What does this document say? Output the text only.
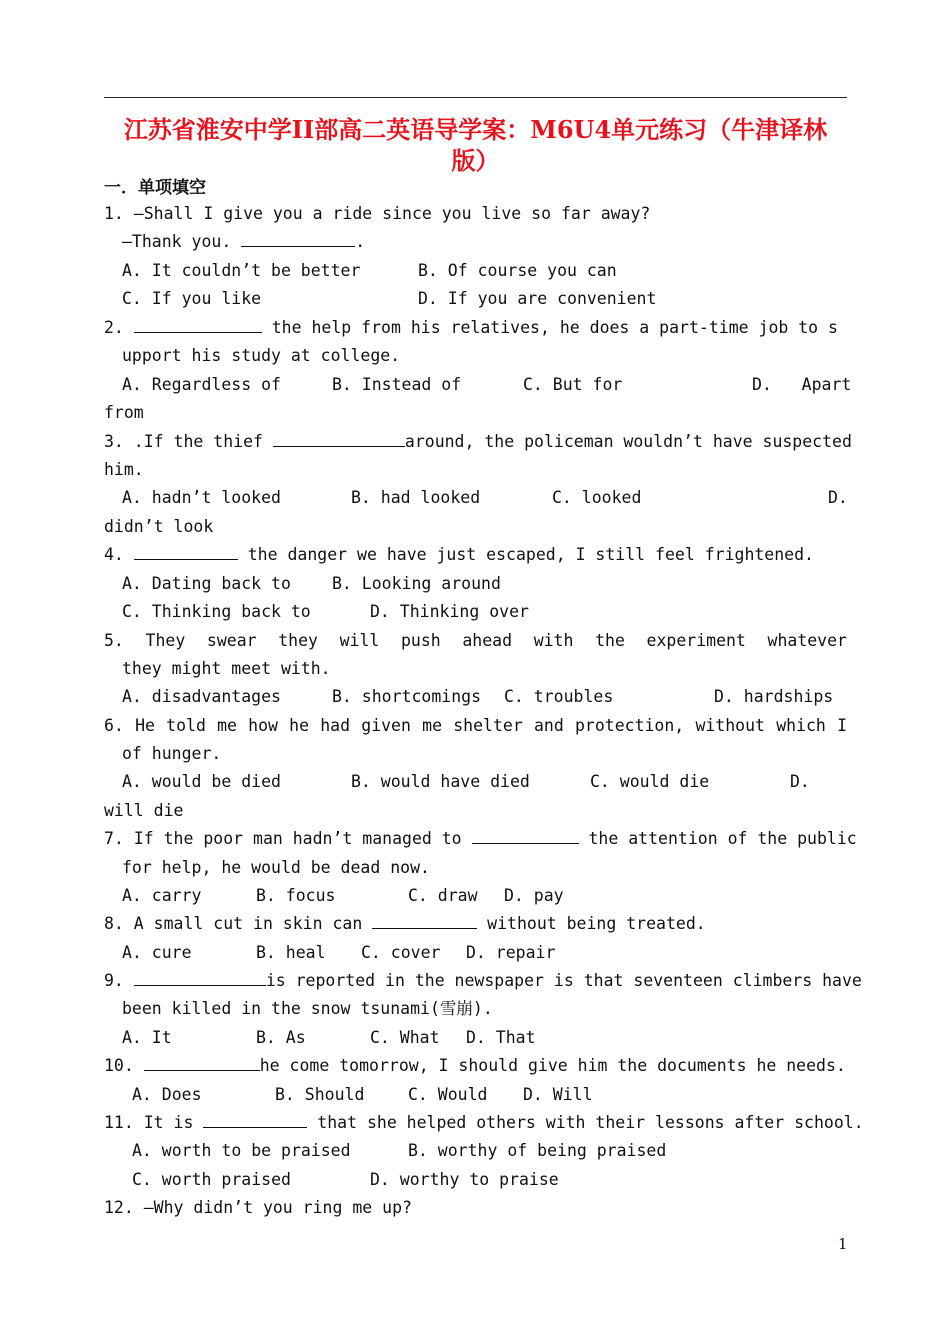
江苏省淮安中学II部高二英语导学案：M6U4单元练习（牛津译林
版）
一．单项填空
1. —Shall I give you a ride since you live so far away?
—Thank you.	.
A. It couldn’t be better	B. Of course you can
C. If you like	D. If you are convenient
2.	the help from his relatives, he does a part-time job to s
upport his study at college.
A. Regardless of	B. Instead of	C. But for	D.   Apart
from
3. .If the thief	around, the policeman wouldn’t have suspected
him.
A. hadn’t looked	B. had looked	C. looked	D.
didn’t look
4.	the danger we have just escaped, I still feel frightened.
A. Dating back to B. Looking around
C. Thinking back to	D. Thinking over
5. They swear they will push ahead with the experiment whatever
they might meet with.
A. disadvantages	B. shortcomings C. troubles	D. hardships
6. He told me how he had given me shelter and protection, without which I
of hunger.
A. would be died	B. would have died	C. would die	D.
will die
7. If the poor man hadn’t managed to	the attention of the public
for help, he would be dead now.
A. carry	B. focus	C. draw D. pay
8. A small cut in skin can	without being treated.
A. cure	B. heal C. cover D. repair
9.	is reported in the newspaper is that seventeen climbers have
been killed in the snow tsunami(雪崩).
A. It	B. As	C. What D. That
10.	he come tomorrow, I should give him the documents he needs.
A. Does	B. Should	C. Would D. Will
11. It is	that she helped others with their lessons after school.
A. worth to be praised	B. worthy of being praised
C. worth praised	D. worthy to praise
12. —Why didn’t you ring me up?
1
